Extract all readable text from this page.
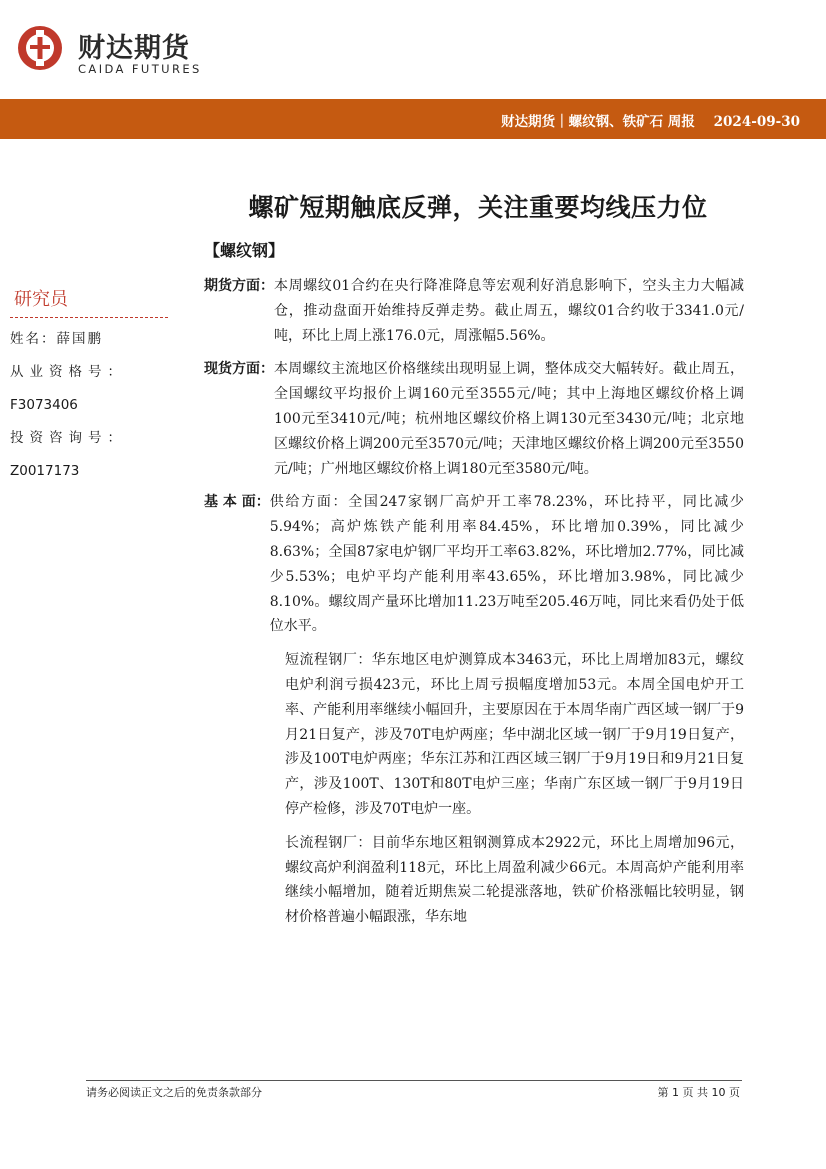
财达期货
CAIDA FUTURES
财达期货｜螺纹钢、铁矿石 周报    2024-09-30
螺矿短期触底反弹，关注重要均线压力位
【螺纹钢】
研究员
姓名：薛国鹏
从业资格号：
F3073406
投资咨询号：
Z0017173
期货方面： 本周螺纹01合约在央行降准降息等宏观利好消息影响下，空头主力大幅减仓，推动盘面开始维持反弹走势。截止周五，螺纹01合约收于3341.0元/吨，环比上周上涨176.0元，周涨幅5.56%。
现货方面： 本周螺纹主流地区价格继续出现明显上调，整体成交大幅转好。截止周五，全国螺纹平均报价上调160元至3555元/吨；其中上海地区螺纹价格上调100元至3410元/吨；杭州地区螺纹价格上调130元至3430元/吨；北京地区螺纹价格上调200元至3570元/吨；天津地区螺纹价格上调200元至3550元/吨；广州地区螺纹价格上调180元至3580元/吨。
基 本 面： 供给方面：全国247家钢厂高炉开工率78.23%，环比持平，同比减少5.94%；高炉炼铁产能利用率84.45%，环比增加0.39%，同比减少8.63%；全国87家电炉钢厂平均开工率63.82%，环比增加2.77%，同比减少5.53%；电炉平均产能利用率43.65%，环比增加3.98%，同比减少8.10%。螺纹周产量环比增加11.23万吨至205.46万吨，同比来看仍处于低位水平。
短流程钢厂：华东地区电炉测算成本3463元，环比上周增加83元，螺纹电炉利润亏损423元，环比上周亏损幅度增加53元。本周全国电炉开工率、产能利用率继续小幅回升，主要原因在于本周华南广西区域一钢厂于9月21日复产，涉及70T电炉两座；华中湖北区域一钢厂于9月19日复产，涉及100T电炉两座；华东江苏和江西区域三钢厂于9月19日和9月21日复产，涉及100T、130T和80T电炉三座；华南广东区域一钢厂于9月19日停产检修，涉及70T电炉一座。
长流程钢厂：目前华东地区粗钢测算成本2922元，环比上周增加96元，螺纹高炉利润盈利118元，环比上周盈利减少66元。本周高炉产能利用率继续小幅增加，随着近期焦炭二轮提涨落地，铁矿价格涨幅比较明显，钢材价格普遍小幅跟涨，华东地
请务必阅读正文之后的免责条款部分	第 1 页 共 10 页
